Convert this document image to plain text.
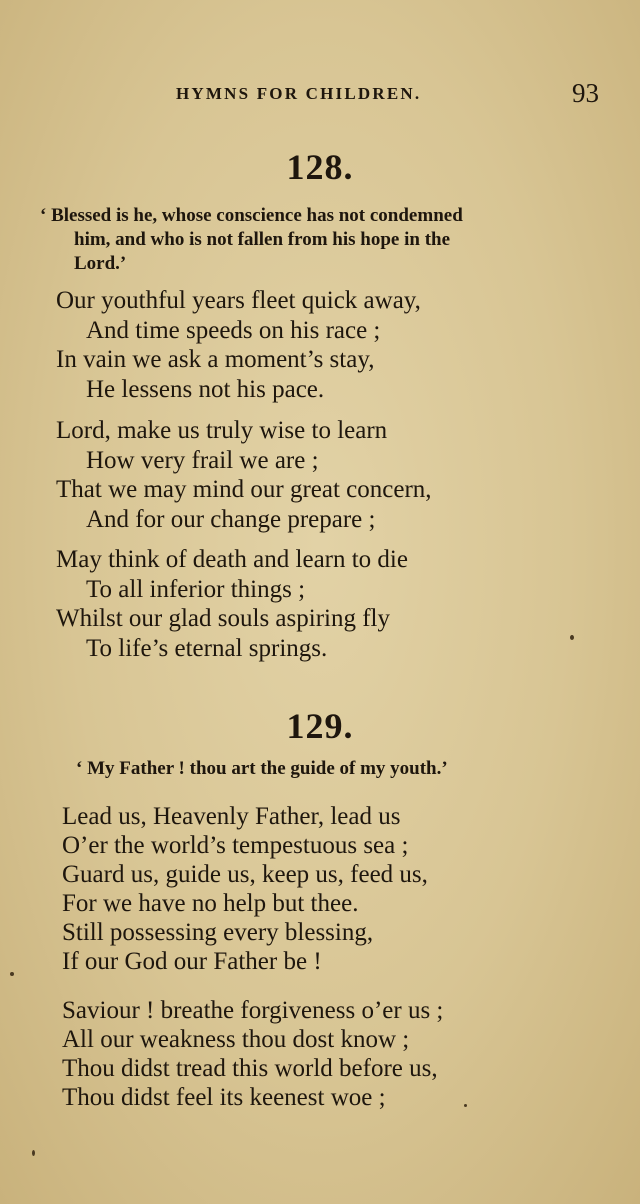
HYMNS FOR CHILDREN.	93
128.
‘ Blessed is he, whose conscience has not condemned
him, and who is not fallen from his hope in the
Lord.’
Our youthful years fleet quick away,
And time speeds on his race ;
In vain we ask a moment’s stay,
He lessens not his pace.
Lord, make us truly wise to learn
How very frail we are ;
That we may mind our great concern,
And for our change prepare ;
May think of death and learn to die
To all inferior things ;
Whilst our glad souls aspiring fly
To life’s eternal springs.
129.
‘ My Father ! thou art the guide of my youth.’
Lead us, Heavenly Father, lead us
O’er the world’s tempestuous sea ;
Guard us, guide us, keep us, feed us,
For we have no help but thee.
Still possessing every blessing,
If our God our Father be !
Saviour ! breathe forgiveness o’er us ;
All our weakness thou dost know ;
Thou didst tread this world before us,
Thou didst feel its keenest woe ;
